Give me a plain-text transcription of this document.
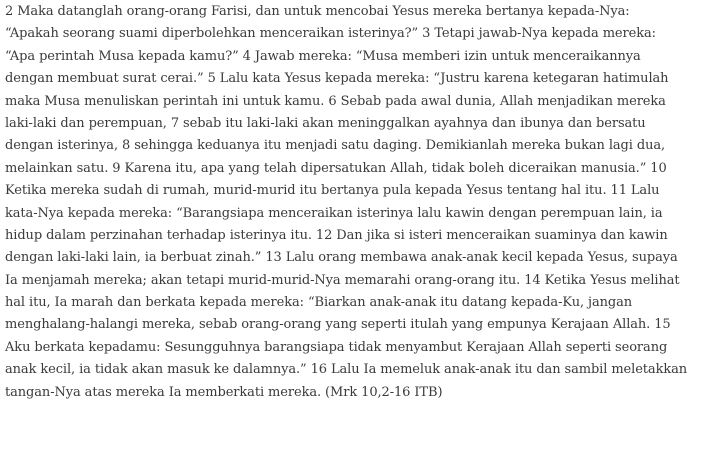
2 Maka datanglah orang-orang Farisi, dan untuk mencobai Yesus mereka bertanya kepada-Nya:
“Apakah seorang suami diperbolehkan menceraikan isterinya?” 3 Tetapi jawab-Nya kepada mereka:
“Apa perintah Musa kepada kamu?” 4 Jawab mereka: “Musa memberi izin untuk menceraikannya
dengan membuat surat cerai.” 5 Lalu kata Yesus kepada mereka: “Justru karena ketegaran hatimulah
maka Musa menuliskan perintah ini untuk kamu. 6 Sebab pada awal dunia, Allah menjadikan mereka
laki-laki dan perempuan, 7 sebab itu laki-laki akan meninggalkan ayahnya dan ibunya dan bersatu
dengan isterinya, 8 sehingga keduanya itu menjadi satu daging. Demikianlah mereka bukan lagi dua,
melainkan satu. 9 Karena itu, apa yang telah dipersatukan Allah, tidak boleh diceraikan manusia.” 10
Ketika mereka sudah di rumah, murid-murid itu bertanya pula kepada Yesus tentang hal itu. 11 Lalu
kata-Nya kepada mereka: “Barangsiapa menceraikan isterinya lalu kawin dengan perempuan lain, ia
hidup dalam perzinahan terhadap isterinya itu. 12 Dan jika si isteri menceraikan suaminya dan kawin
dengan laki-laki lain, ia berbuat zinah.” 13 Lalu orang membawa anak-anak kecil kepada Yesus, supaya
Ia menjamah mereka; akan tetapi murid-murid-Nya memarahi orang-orang itu. 14 Ketika Yesus melihat
hal itu, Ia marah dan berkata kepada mereka: “Biarkan anak-anak itu datang kepada-Ku, jangan
menghalang-halangi mereka, sebab orang-orang yang seperti itulah yang empunya Kerajaan Allah. 15
Aku berkata kepadamu: Sesungguhnya barangsiapa tidak menyambut Kerajaan Allah seperti seorang
anak kecil, ia tidak akan masuk ke dalamnya.” 16 Lalu Ia memeluk anak-anak itu dan sambil meletakkan
tangan-Nya atas mereka Ia memberkati mereka. (Mrk 10,2-16 ITB)
